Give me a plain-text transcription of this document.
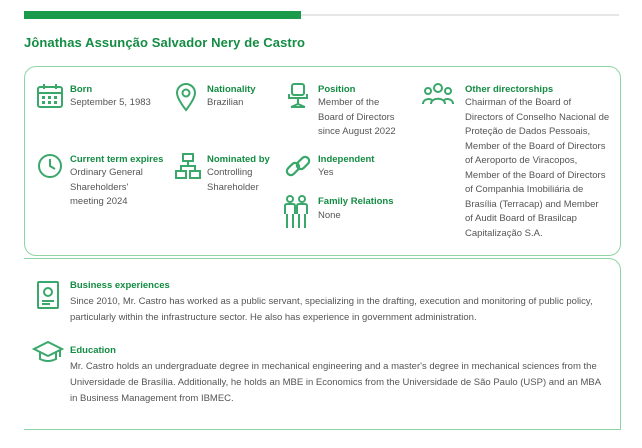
Jônathas Assunção Salvador Nery de Castro
Born
September 5, 1983
Nationality
Brazilian
Position
Member of the
Board of Directors
since August 2022
Other directorships
Chairman of the Board of
Directors of Conselho Nacional de
Proteção de Dados Pessoais,
Member of the Board of Directors
of Aeroporto de Viracopos,
Member of the Board of Directors
of Companhia Imobiliária de
Brasília (Terracap) and Member
of Audit Board of Brasilcap
Capitalização S.A.
Current term expires
Ordinary General
Shareholders'
meeting 2024
Nominated by
Controlling
Shareholder
Independent
Yes
Family Relations
None
Business experiences
Since 2010, Mr. Castro has worked as a public servant, specializing in the drafting, execution and monitoring of public policy,
particularly within the infrastructure sector. He also has experience in government administration.
Education
Mr. Castro holds an undergraduate degree in mechanical engineering and a master's degree in mechanical sciences from the
Universidade de Brasília. Additionally, he holds an MBE in Economics from the Universidade de São Paulo (USP) and an MBA
in Business Management from IBMEC.
